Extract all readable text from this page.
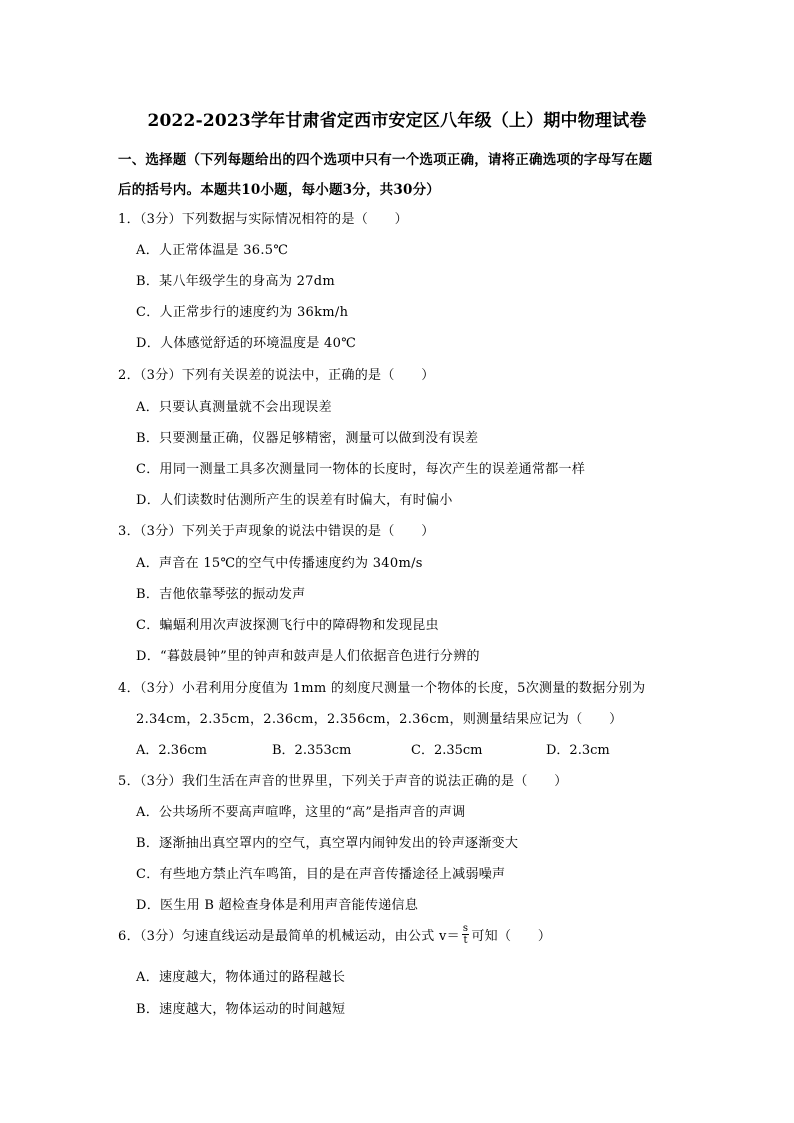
2022-2023学年甘肃省定西市安定区八年级（上）期中物理试卷
一、选择题（下列每题给出的四个选项中只有一个选项正确，请将正确选项的字母写在题
后的括号内。本题共10小题，每小题3分，共30分）
1．（3分）下列数据与实际情况相符的是（　　）
A．人正常体温是 36.5℃
B．某八年级学生的身高为 27dm
C．人正常步行的速度约为 36km/h
D．人体感觉舒适的环境温度是 40℃
2．（3分）下列有关误差的说法中，正确的是（　　）
A．只要认真测量就不会出现误差
B．只要测量正确，仪器足够精密，测量可以做到没有误差
C．用同一测量工具多次测量同一物体的长度时，每次产生的误差通常都一样
D．人们读数时估测所产生的误差有时偏大，有时偏小
3．（3分）下列关于声现象的说法中错误的是（　　）
A．声音在 15℃的空气中传播速度约为 340m/s
B．吉他依靠琴弦的振动发声
C．蝙蝠利用次声波探测飞行中的障碍物和发现昆虫
D．“暮鼓晨钟”里的钟声和鼓声是人们依据音色进行分辨的
4．（3分）小君利用分度值为 1mm 的刻度尺测量一个物体的长度，5次测量的数据分别为
2.34cm，2.35cm，2.36cm，2.356cm，2.36cm，则测量结果应记为（　　）
A．2.36cm	B．2.353cm	C．2.35cm	D．2.3cm
5．（3分）我们生活在声音的世界里，下列关于声音的说法正确的是（　　）
A．公共场所不要高声喧哗，这里的“高”是指声音的声调
B．逐渐抽出真空罩内的空气，真空罩内闹钟发出的铃声逐渐变大
C．有些地方禁止汽车鸣笛，目的是在声音传播途径上减弱噪声
D．医生用 B 超检查身体是利用声音能传递信息
6．（3分）匀速直线运动是最简单的机械运动，由公式 $v= \frac{s}{t}$ 可知（　　）
A．速度越大，物体通过的路程越长
B．速度越大，物体运动的时间越短
